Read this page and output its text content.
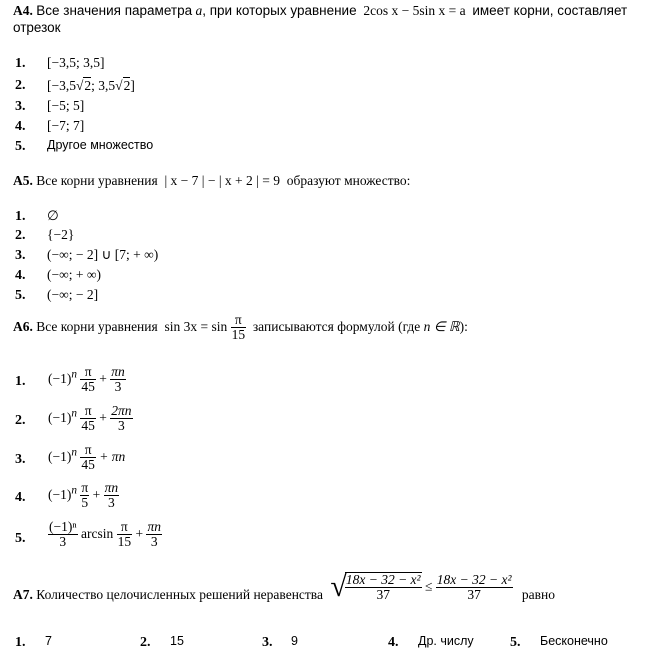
А4. Все значения параметра a, при которых уравнение 2cos x − 5sin x = a имеет корни, составляет
отрезок
1. [−3,5; 3,5]
2. [−3,5 √ 2; 3,5 √ 2]
3. [−5; 5]
4. [−7; 7]
5. Другое множество
А5. Все корни уравнения | x − 7 | − | x + 2 | = 9 образуют множество:
1. ∅
2. {−2}
3. (−∞; − 2] ∪ [7; + ∞)
4. (−∞; + ∞)
5. (−∞; − 2]
А6. Все корни уравнения $\sin 3x = \sin \frac{\pi}{15}$ записываются формулой (где n ∈ ℝ):
1. $(-1)^n \frac{\pi}{45} + \frac{\pi n}{3}$
2. $(-1)^n \frac{\pi}{45} + \frac{2\pi n}{3}$
3. $(-1)^n \frac{\pi}{45} + \pi n$
4. $(-1)^n \frac{\pi}{5} + \frac{\pi n}{3}$
5. $\frac{\text{(−1)ⁿ}}{3}$ $\arcsin \frac{\pi}{15} + \frac{\pi n}{3}$
А7. Количество целочисленных решений неравенства √
$\frac{\text{18x − 32 − x²}}{37} \le \frac{\text{18x − 32 − x²}}{37}$ равно
1. 7	2. 15	3. 9	4. Др. числу	5. Бесконечно
